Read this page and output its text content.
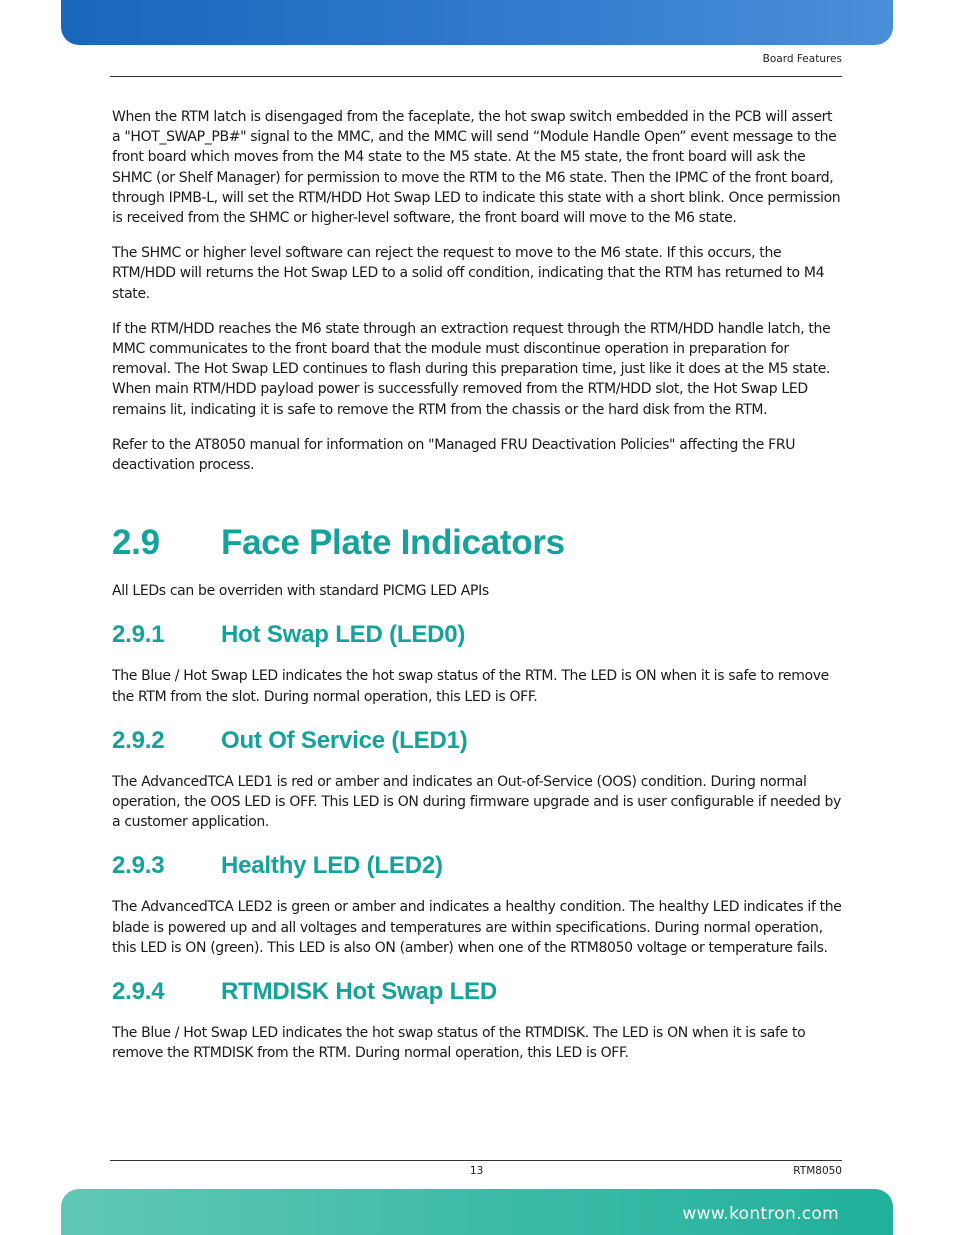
Board Features

When the RTM latch is disengaged from the faceplate, the hot swap switch embedded in the PCB will assert a "HOT_SWAP_PB#" signal to the MMC, and the MMC will send “Module Handle Open” event message to the front board which moves from the M4 state to the M5 state. At the M5 state, the front board will ask the SHMC (or Shelf Manager) for permission to move the RTM to the M6 state. Then the IPMC of the front board, through IPMB-L, will set the RTM/HDD Hot Swap LED to indicate this state with a short blink. Once permission is received from the SHMC or higher-level software, the front board will move to the M6 state.

The SHMC or higher level software can reject the request to move to the M6 state. If this occurs, the RTM/HDD will returns the Hot Swap LED to a solid off condition, indicating that the RTM has returned to M4 state.

If the RTM/HDD reaches the M6 state through an extraction request through the RTM/HDD handle latch, the MMC communicates to the front board that the module must discontinue operation in preparation for removal. The Hot Swap LED continues to flash during this preparation time, just like it does at the M5 state. When main RTM/HDD payload power is successfully removed from the RTM/HDD slot, the Hot Swap LED remains lit, indicating it is safe to remove the RTM from the chassis or the hard disk from the RTM.

Refer to the AT8050 manual for information on "Managed FRU Deactivation Policies" affecting the FRU deactivation process.

2.9 Face Plate Indicators

All LEDs can be overriden with standard PICMG LED APIs

2.9.1 Hot Swap LED (LED0)

The Blue / Hot Swap LED indicates the hot swap status of the RTM. The LED is ON when it is safe to remove the RTM from the slot. During normal operation, this LED is OFF.

2.9.2 Out Of Service (LED1)

The AdvancedTCA LED1 is red or amber and indicates an Out-of-Service (OOS) condition. During normal operation, the OOS LED is OFF. This LED is ON during firmware upgrade and is user configurable if needed by a customer application.

2.9.3 Healthy LED (LED2)

The AdvancedTCA LED2 is green or amber and indicates a healthy condition. The healthy LED indicates if the blade is powered up and all voltages and temperatures are within specifications. During normal operation, this LED is ON (green). This LED is also ON (amber) when one of the RTM8050 voltage or temperature fails.

2.9.4 RTMDISK Hot Swap LED

The Blue / Hot Swap LED indicates the hot swap status of the RTMDISK. The LED is ON when it is safe to remove the RTMDISK from the RTM. During normal operation, this LED is OFF.

13	RTM8050
www.kontron.com
